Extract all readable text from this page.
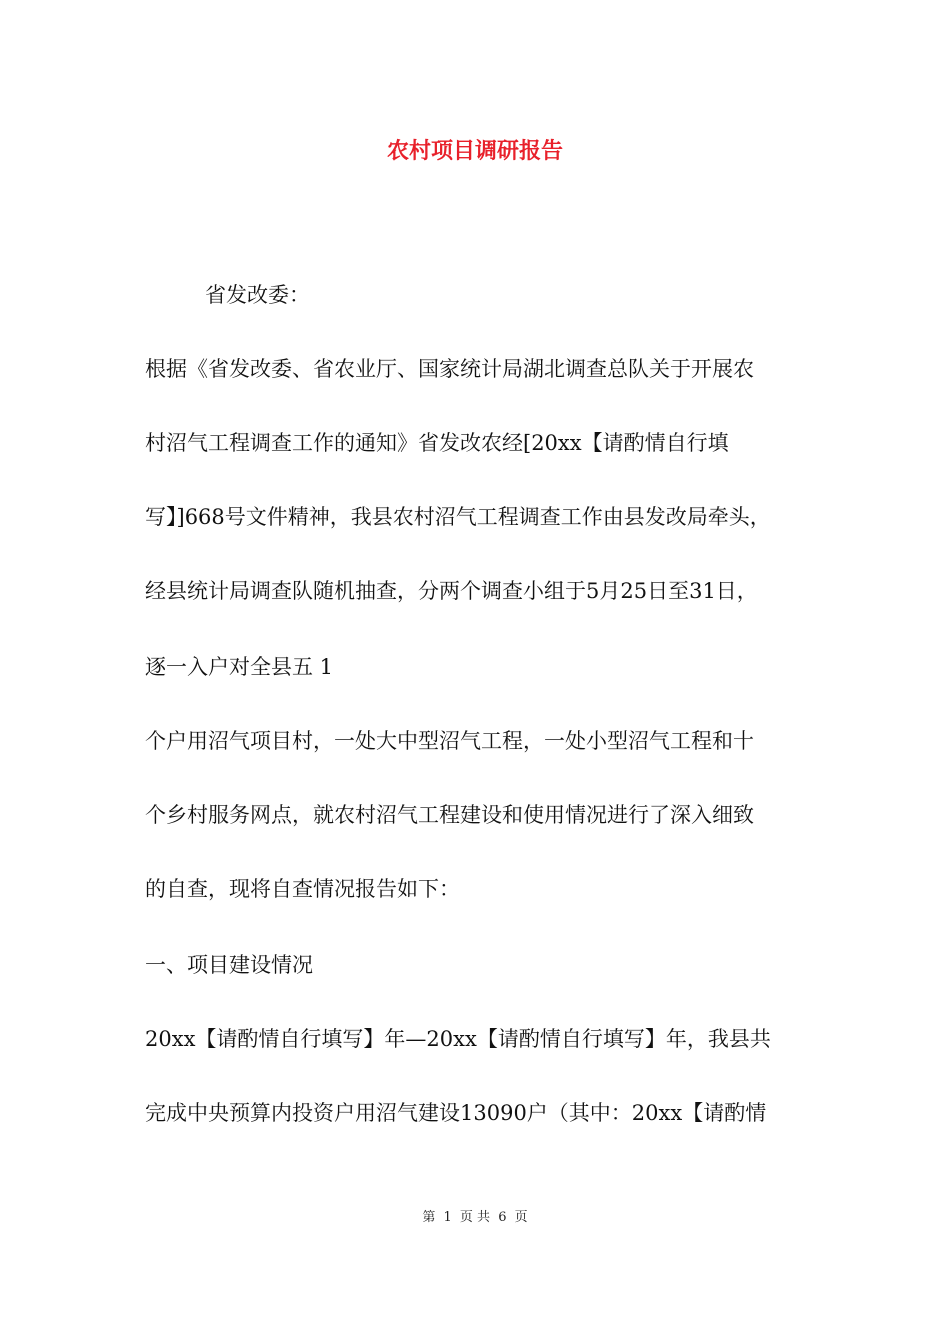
农村项目调研报告

省发改委：

根据《省发改委、省农业厅、国家统计局湖北调查总队关于开展农

村沼气工程调查工作的通知》省发改农经[20xx【请酌情自行填

写】]668号文件精神，我县农村沼气工程调查工作由县发改局牵头，

经县统计局调查队随机抽查，分两个调查小组于5月25日至31日，

逐一入户对全县五 1

个户用沼气项目村，一处大中型沼气工程，一处小型沼气工程和十

个乡村服务网点，就农村沼气工程建设和使用情况进行了深入细致

的自查，现将自查情况报告如下：

一、项目建设情况

20xx【请酌情自行填写】年—20xx【请酌情自行填写】年，我县共

完成中央预算内投资户用沼气建设13090户（其中：20xx【请酌情

第 1 页 共 6 页
